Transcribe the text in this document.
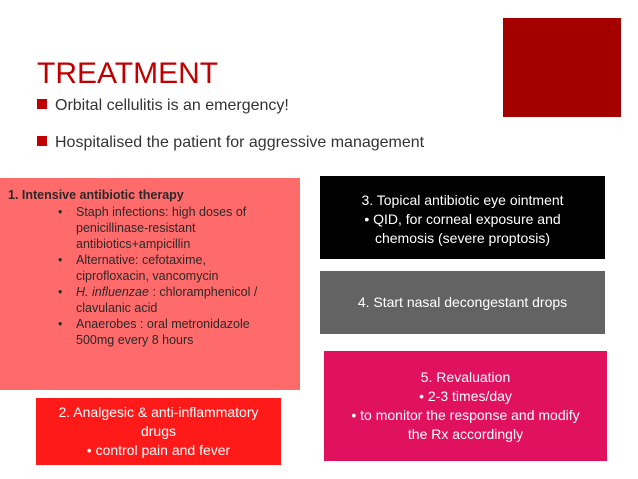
TREATMENT
Orbital cellulitis is an emergency!
Hospitalised the patient for aggressive management
1. Intensive antibiotic therapy
• Staph infections: high doses of
penicillinase-resistant
antibiotics+ampicillin
• Alternative: cefotaxime,
ciprofloxacin, vancomycin
• H. influenzae : chloramphenicol /
clavulanic acid
• Anaerobes : oral metronidazole
500mg every 8 hours
3. Topical antibiotic eye ointment
• QID, for corneal exposure and
chemosis (severe proptosis)
4. Start nasal decongestant drops
5. Revaluation
• 2-3 times/day
• to monitor the response and modify
the Rx accordingly
2. Analgesic & anti-inflammatory
drugs
• control pain and fever
